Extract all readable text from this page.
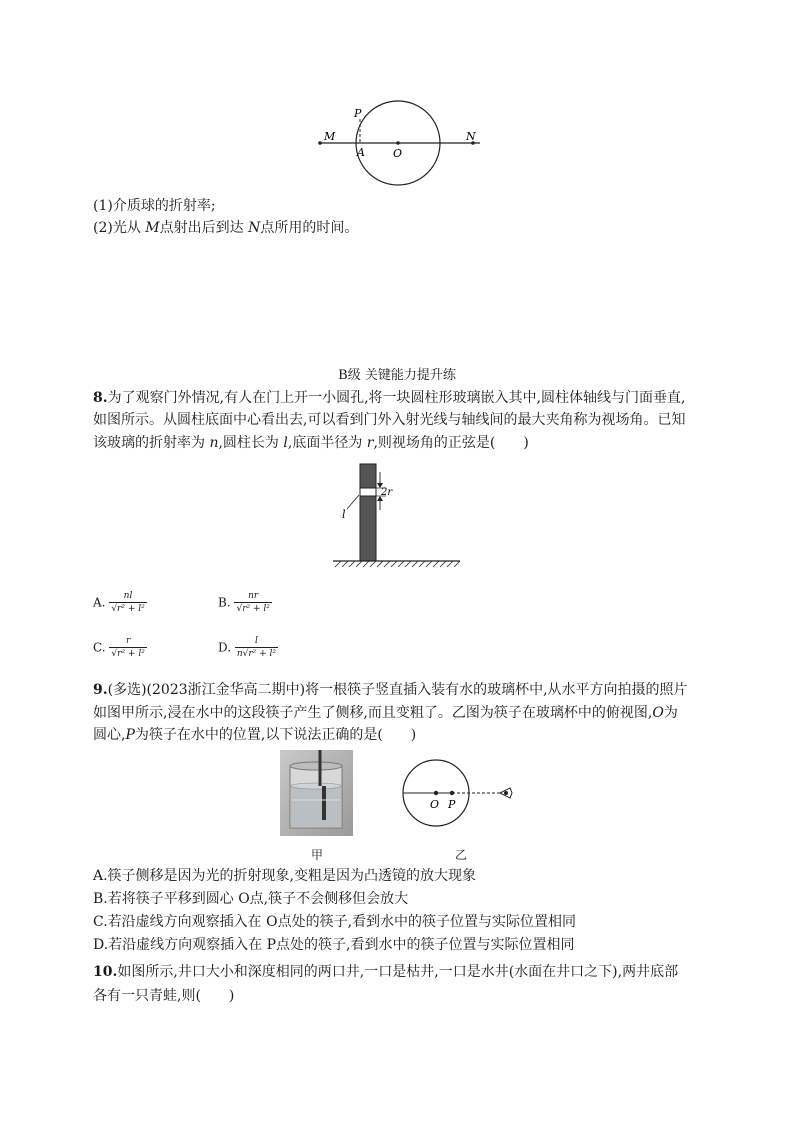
P
M
A	O
N
(1)介质球的折射率;
(2)光从 M点射出后到达 N点所用的时间。
B级 关键能力提升练
8.为了观察门外情况,有人在门上开一小圆孔,将一块圆柱形玻璃嵌入其中,圆柱体轴线与门面垂直,
如图所示。从圆柱底面中心看出去,可以看到门外入射光线与轴线间的最大夹角称为视场角。已知
该玻璃的折射率为 n,圆柱长为 l,底面半径为 r,则视场角的正弦是(　　)
2r
l
A. $\frac{nl}{\text{√r² + l²}}$	B. $\frac{nr}{\text{√r² + l²}}$
C. $\frac{r}{\text{√r² + l²}}$	D. $\frac{l}{\text{n√r² + l²}}$
9.(多选)(2023浙江金华高二期中)将一根筷子竖直插入装有水的玻璃杯中,从水平方向拍摄的照片
如图甲所示,浸在水中的这段筷子产生了侧移,而且变粗了。乙图为筷子在玻璃杯中的俯视图,O为
圆心,P为筷子在水中的位置,以下说法正确的是(　　)
O P
甲	乙
A.筷子侧移是因为光的折射现象,变粗是因为凸透镜的放大现象
B.若将筷子平移到圆心 O点,筷子不会侧移但会放大
C.若沿虚线方向观察插入在 O点处的筷子,看到水中的筷子位置与实际位置相同
D.若沿虚线方向观察插入在 P点处的筷子,看到水中的筷子位置与实际位置相同
10.如图所示,井口大小和深度相同的两口井,一口是枯井,一口是水井(水面在井口之下),两井底部
各有一只青蛙,则(　　)
